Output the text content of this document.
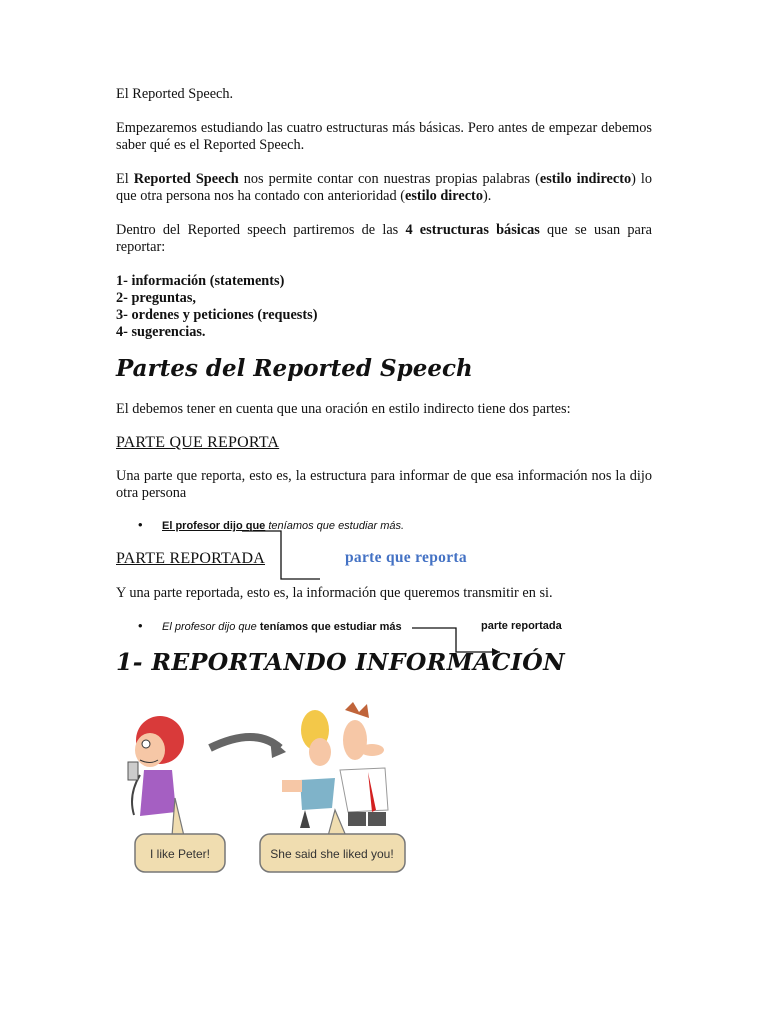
El Reported Speech.

Empezaremos estudiando las cuatro estructuras más básicas. Pero antes de empezar debemos saber qué es el Reported Speech.

El Reported Speech nos permite contar con nuestras propias palabras (estilo indirecto) lo que otra persona nos ha contado con anterioridad (estilo directo).

Dentro del Reported speech partiremos de las 4 estructuras básicas que se usan para reportar:

1- información (statements)

2- preguntas,

3- ordenes y peticiones (requests)

4- sugerencias.

Partes del Reported Speech

El debemos tener en cuenta que una oración en estilo indirecto tiene dos partes:

PARTE QUE REPORTA

Una parte que reporta, esto es, la estructura para informar de que esa información nos la dijo otra persona

• El profesor dijo que teníamos que estudiar más.

PARTE REPORTADA	parte que reporta

Y una parte reportada, esto es, la información que queremos transmitir en si.

• El profesor dijo que teníamos que estudiar más	parte reportada
1- REPORTANDO INFORMACIÓN
I like Peter!	She said she liked you!
